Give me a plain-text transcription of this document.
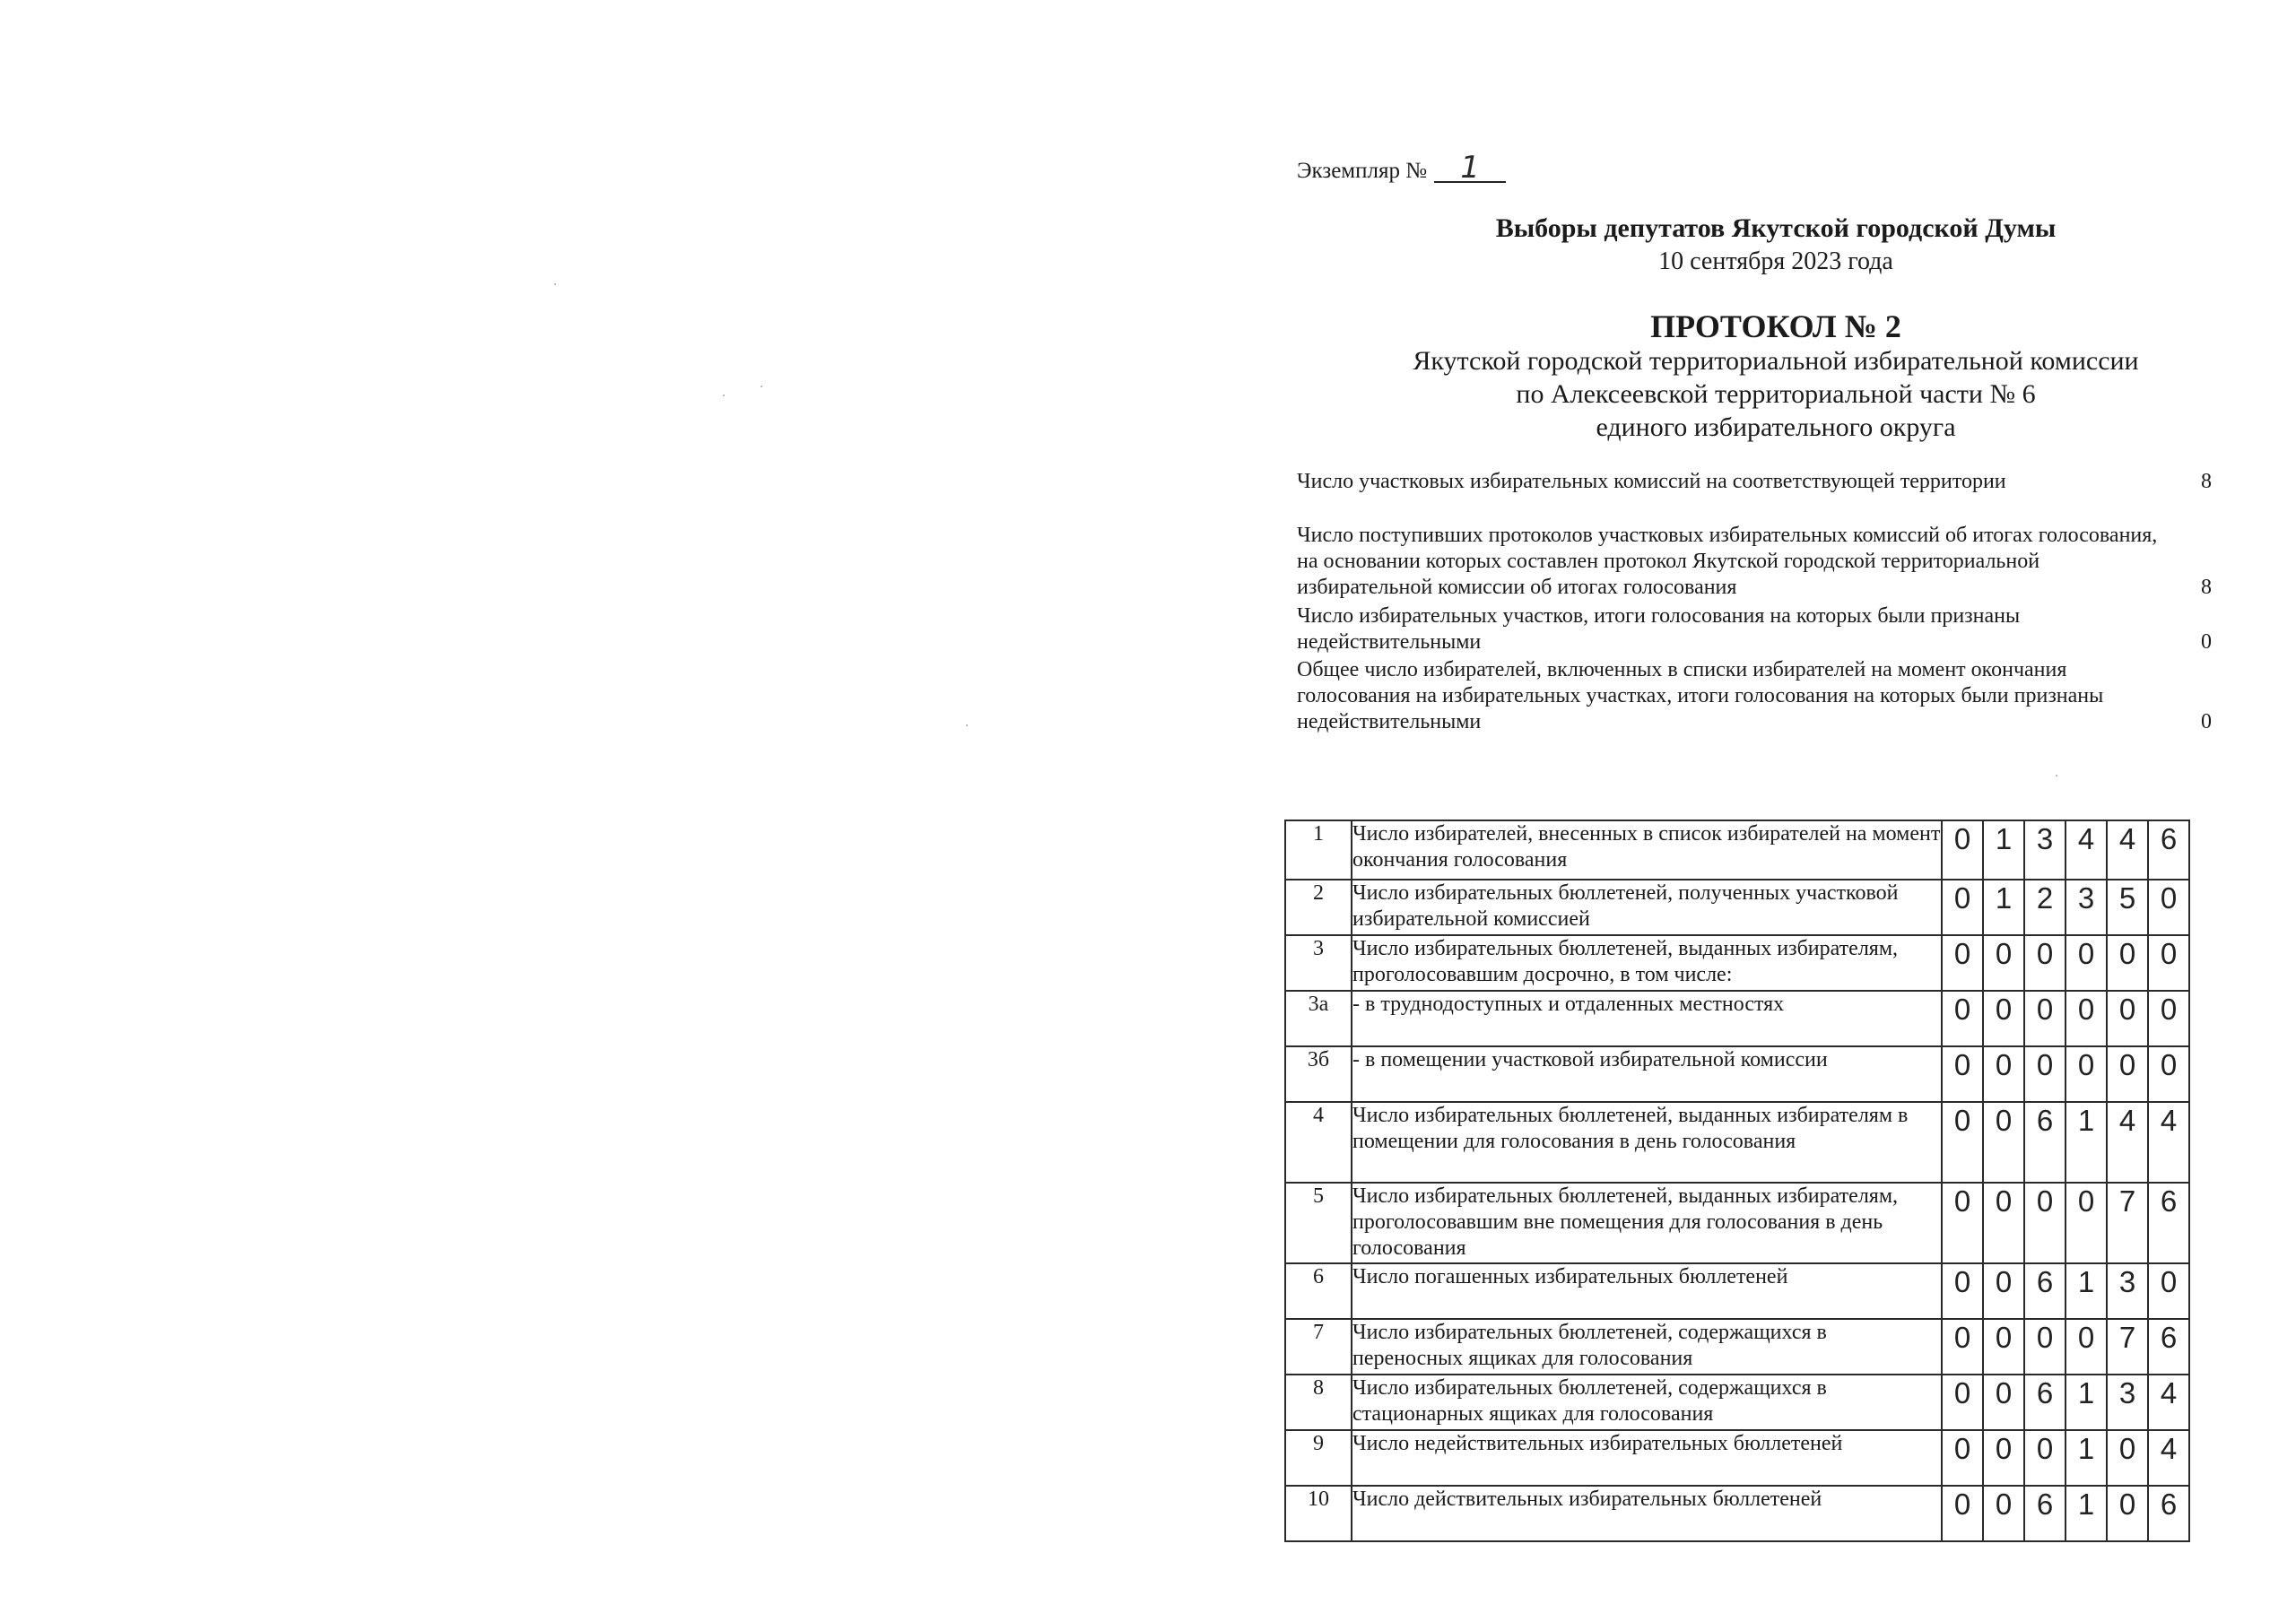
Экземпляр № 1
Выборы депутатов Якутской городской Думы
10 сентября 2023 года
ПРОТОКОЛ № 2
Якутской городской территориальной избирательной комиссии
по Алексеевской территориальной части № 6
единого избирательного округа
Число участковых избирательных комиссий на соответствующей территории	8
Число поступивших протоколов участковых избирательных комиссий об итогах голосования, на основании которых составлен протокол Якутской городской территориальной избирательной комиссии об итогах голосования	8
Число избирательных участков, итоги голосования на которых были признаны недействительными	0
Общее число избирателей, включенных в списки избирателей на момент окончания голосования на избирательных участках, итоги голосования на которых были признаны недействительными	0
1	Число избирателей, внесенных в список избирателей на момент окончания голосования	0	1	3	4	4	6
2	Число избирательных бюллетеней, полученных участковой избирательной комиссией	0	1	2	3	5	0
3	Число избирательных бюллетеней, выданных избирателям, проголосовавшим досрочно, в том числе:	0	0	0	0	0	0
3а	- в труднодоступных и отдаленных местностях	0	0	0	0	0	0
3б	- в помещении участковой избирательной комиссии	0	0	0	0	0	0
4	Число избирательных бюллетеней, выданных избирателям в помещении для голосования в день голосования	0	0	6	1	4	4
5	Число избирательных бюллетеней, выданных избирателям, проголосовавшим вне помещения для голосования в день голосования	0	0	0	0	7	6
6	Число погашенных избирательных бюллетеней	0	0	6	1	3	0
7	Число избирательных бюллетеней, содержащихся в переносных ящиках для голосования	0	0	0	0	7	6
8	Число избирательных бюллетеней, содержащихся в стационарных ящиках для голосования	0	0	6	1	3	4
9	Число недействительных избирательных бюллетеней	0	0	0	1	0	4
10	Число действительных избирательных бюллетеней	0	0	6	1	0	6
